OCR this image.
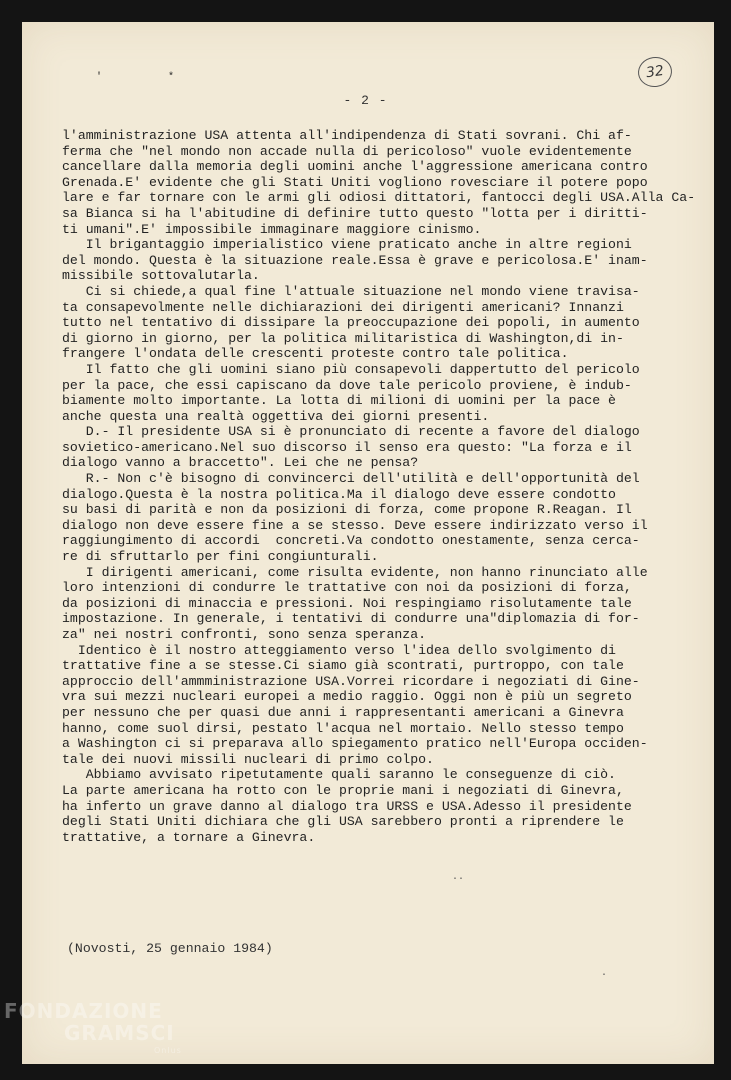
' *	32
- 2 -
l'amministrazione USA attenta all'indipendenza di Stati sovrani. Chi af-
ferma che "nel mondo non accade nulla di pericoloso" vuole evidentemente
cancellare dalla memoria degli uomini anche l'aggressione americana contro
Grenada.E' evidente che gli Stati Uniti vogliono rovesciare il potere popo
lare e far tornare con le armi gli odiosi dittatori, fantocci degli USA.Alla Ca-
sa Bianca si ha l'abitudine di definire tutto questo "lotta per i diritti-
ti umani".E' impossibile immaginare maggiore cinismo.
Il brigantaggio imperialistico viene praticato anche in altre regioni
del mondo. Questa è la situazione reale.Essa è grave e pericolosa.E' inam-
missibile sottovalutarla.
Ci si chiede,a qual fine l'attuale situazione nel mondo viene travisa-
ta consapevolmente nelle dichiarazioni dei dirigenti americani? Innanzi
tutto nel tentativo di dissipare la preoccupazione dei popoli, in aumento
di giorno in giorno, per la politica militaristica di Washington,di in-
frangere l'ondata delle crescenti proteste contro tale politica.
Il fatto che gli uomini siano più consapevoli dappertutto del pericolo
per la pace, che essi capiscano da dove tale pericolo proviene, è indub-
biamente molto importante. La lotta di milioni di uomini per la pace è
anche questa una realtà oggettiva dei giorni presenti.
D.- Il presidente USA si è pronunciato di recente a favore del dialogo
sovietico-americano.Nel suo discorso il senso era questo: "La forza e il
dialogo vanno a braccetto". Lei che ne pensa?
R.- Non c'è bisogno di convincerci dell'utilità e dell'opportunità del
dialogo.Questa è la nostra politica.Ma il dialogo deve essere condotto
su basi di parità e non da posizioni di forza, come propone R.Reagan. Il
dialogo non deve essere fine a se stesso. Deve essere indirizzato verso il
raggiungimento di accordi  concreti.Va condotto onestamente, senza cerca-
re di sfruttarlo per fini congiunturali.
I dirigenti americani, come risulta evidente, non hanno rinunciato alle
loro intenzioni di condurre le trattative con noi da posizioni di forza,
da posizioni di minaccia e pressioni. Noi respingiamo risolutamente tale
impostazione. In generale, i tentativi di condurre una"diplomazia di for-
za" nei nostri confronti, sono senza speranza.
Identico è il nostro atteggiamento verso l'idea dello svolgimento di
trattative fine a se stesse.Ci siamo già scontrati, purtroppo, con tale
approccio dell'ammministrazione USA.Vorrei ricordare i negoziati di Gine-
vra sui mezzi nucleari europei a medio raggio. Oggi non è più un segreto
per nessuno che per quasi due anni i rappresentanti americani a Ginevra
hanno, come suol dirsi, pestato l'acqua nel mortaio. Nello stesso tempo
a Washington ci si preparava allo spiegamento pratico nell'Europa occiden-
tale dei nuovi missili nucleari di primo colpo.
Abbiamo avvisato ripetutamente quali saranno le conseguenze di ciò.
La parte americana ha rotto con le proprie mani i negoziati di Ginevra,
ha inferto un grave danno al dialogo tra URSS e USA.Adesso il presidente
degli Stati Uniti dichiara che gli USA sarebbero pronti a riprendere le
trattative, a tornare a Ginevra.
..
(Novosti, 25 gennaio 1984)
.
FONDAZIONE
GRAMSCI
Onlus
